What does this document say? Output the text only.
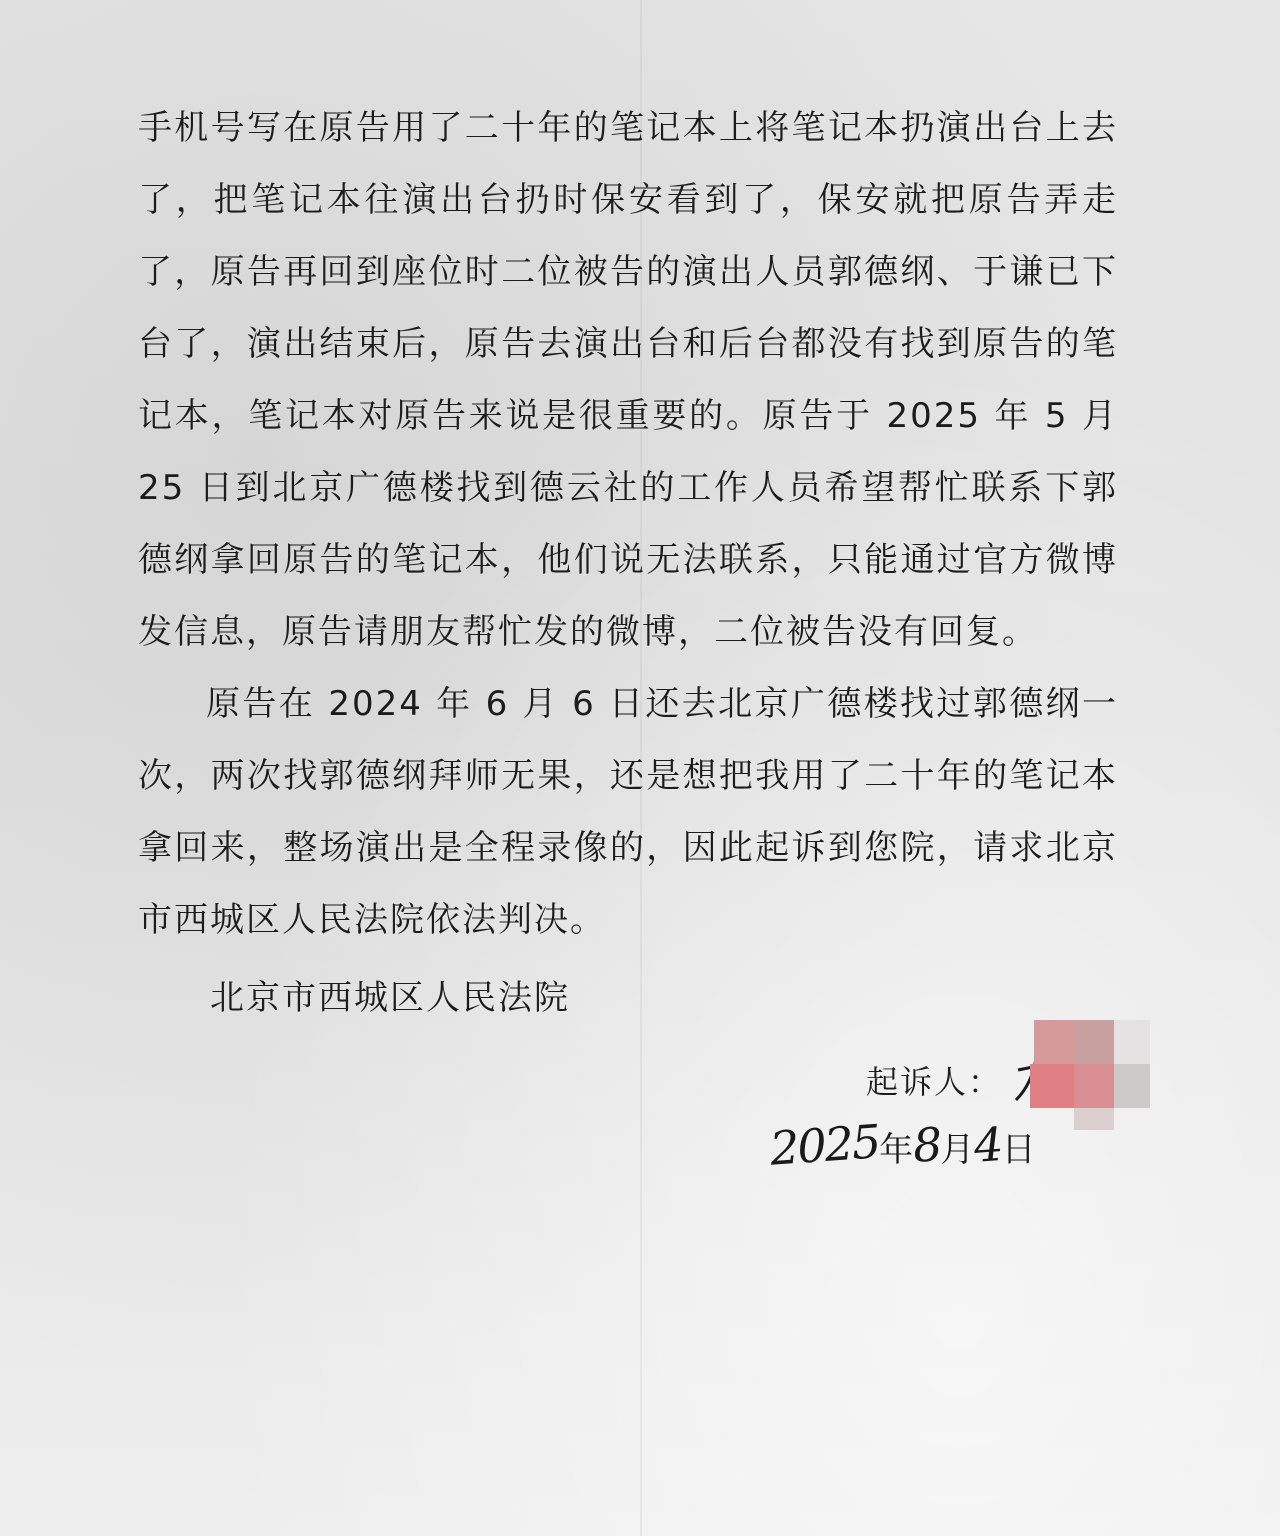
手机号写在原告用了二十年的笔记本上将笔记本扔演出台上去了，把笔记本往演出台扔时保安看到了，保安就把原告弄走了，原告再回到座位时二位被告的演出人员郭德纲、于谦已下台了，演出结束后，原告去演出台和后台都没有找到原告的笔记本，笔记本对原告来说是很重要的。原告于 2025 年 5 月 25 日到北京广德楼找到德云社的工作人员希望帮忙联系下郭德纲拿回原告的笔记本，他们说无法联系，只能通过官方微博发信息，原告请朋友帮忙发的微博，二位被告没有回复。

原告在 2024 年 6 月 6 日还去北京广德楼找过郭德纲一次，两次找郭德纲拜师无果，还是想把我用了二十年的笔记本拿回来，整场演出是全程录像的，因此起诉到您院，请求北京市西城区人民法院依法判决。

北京市西城区人民法院
起诉人：
2025年8月4日
